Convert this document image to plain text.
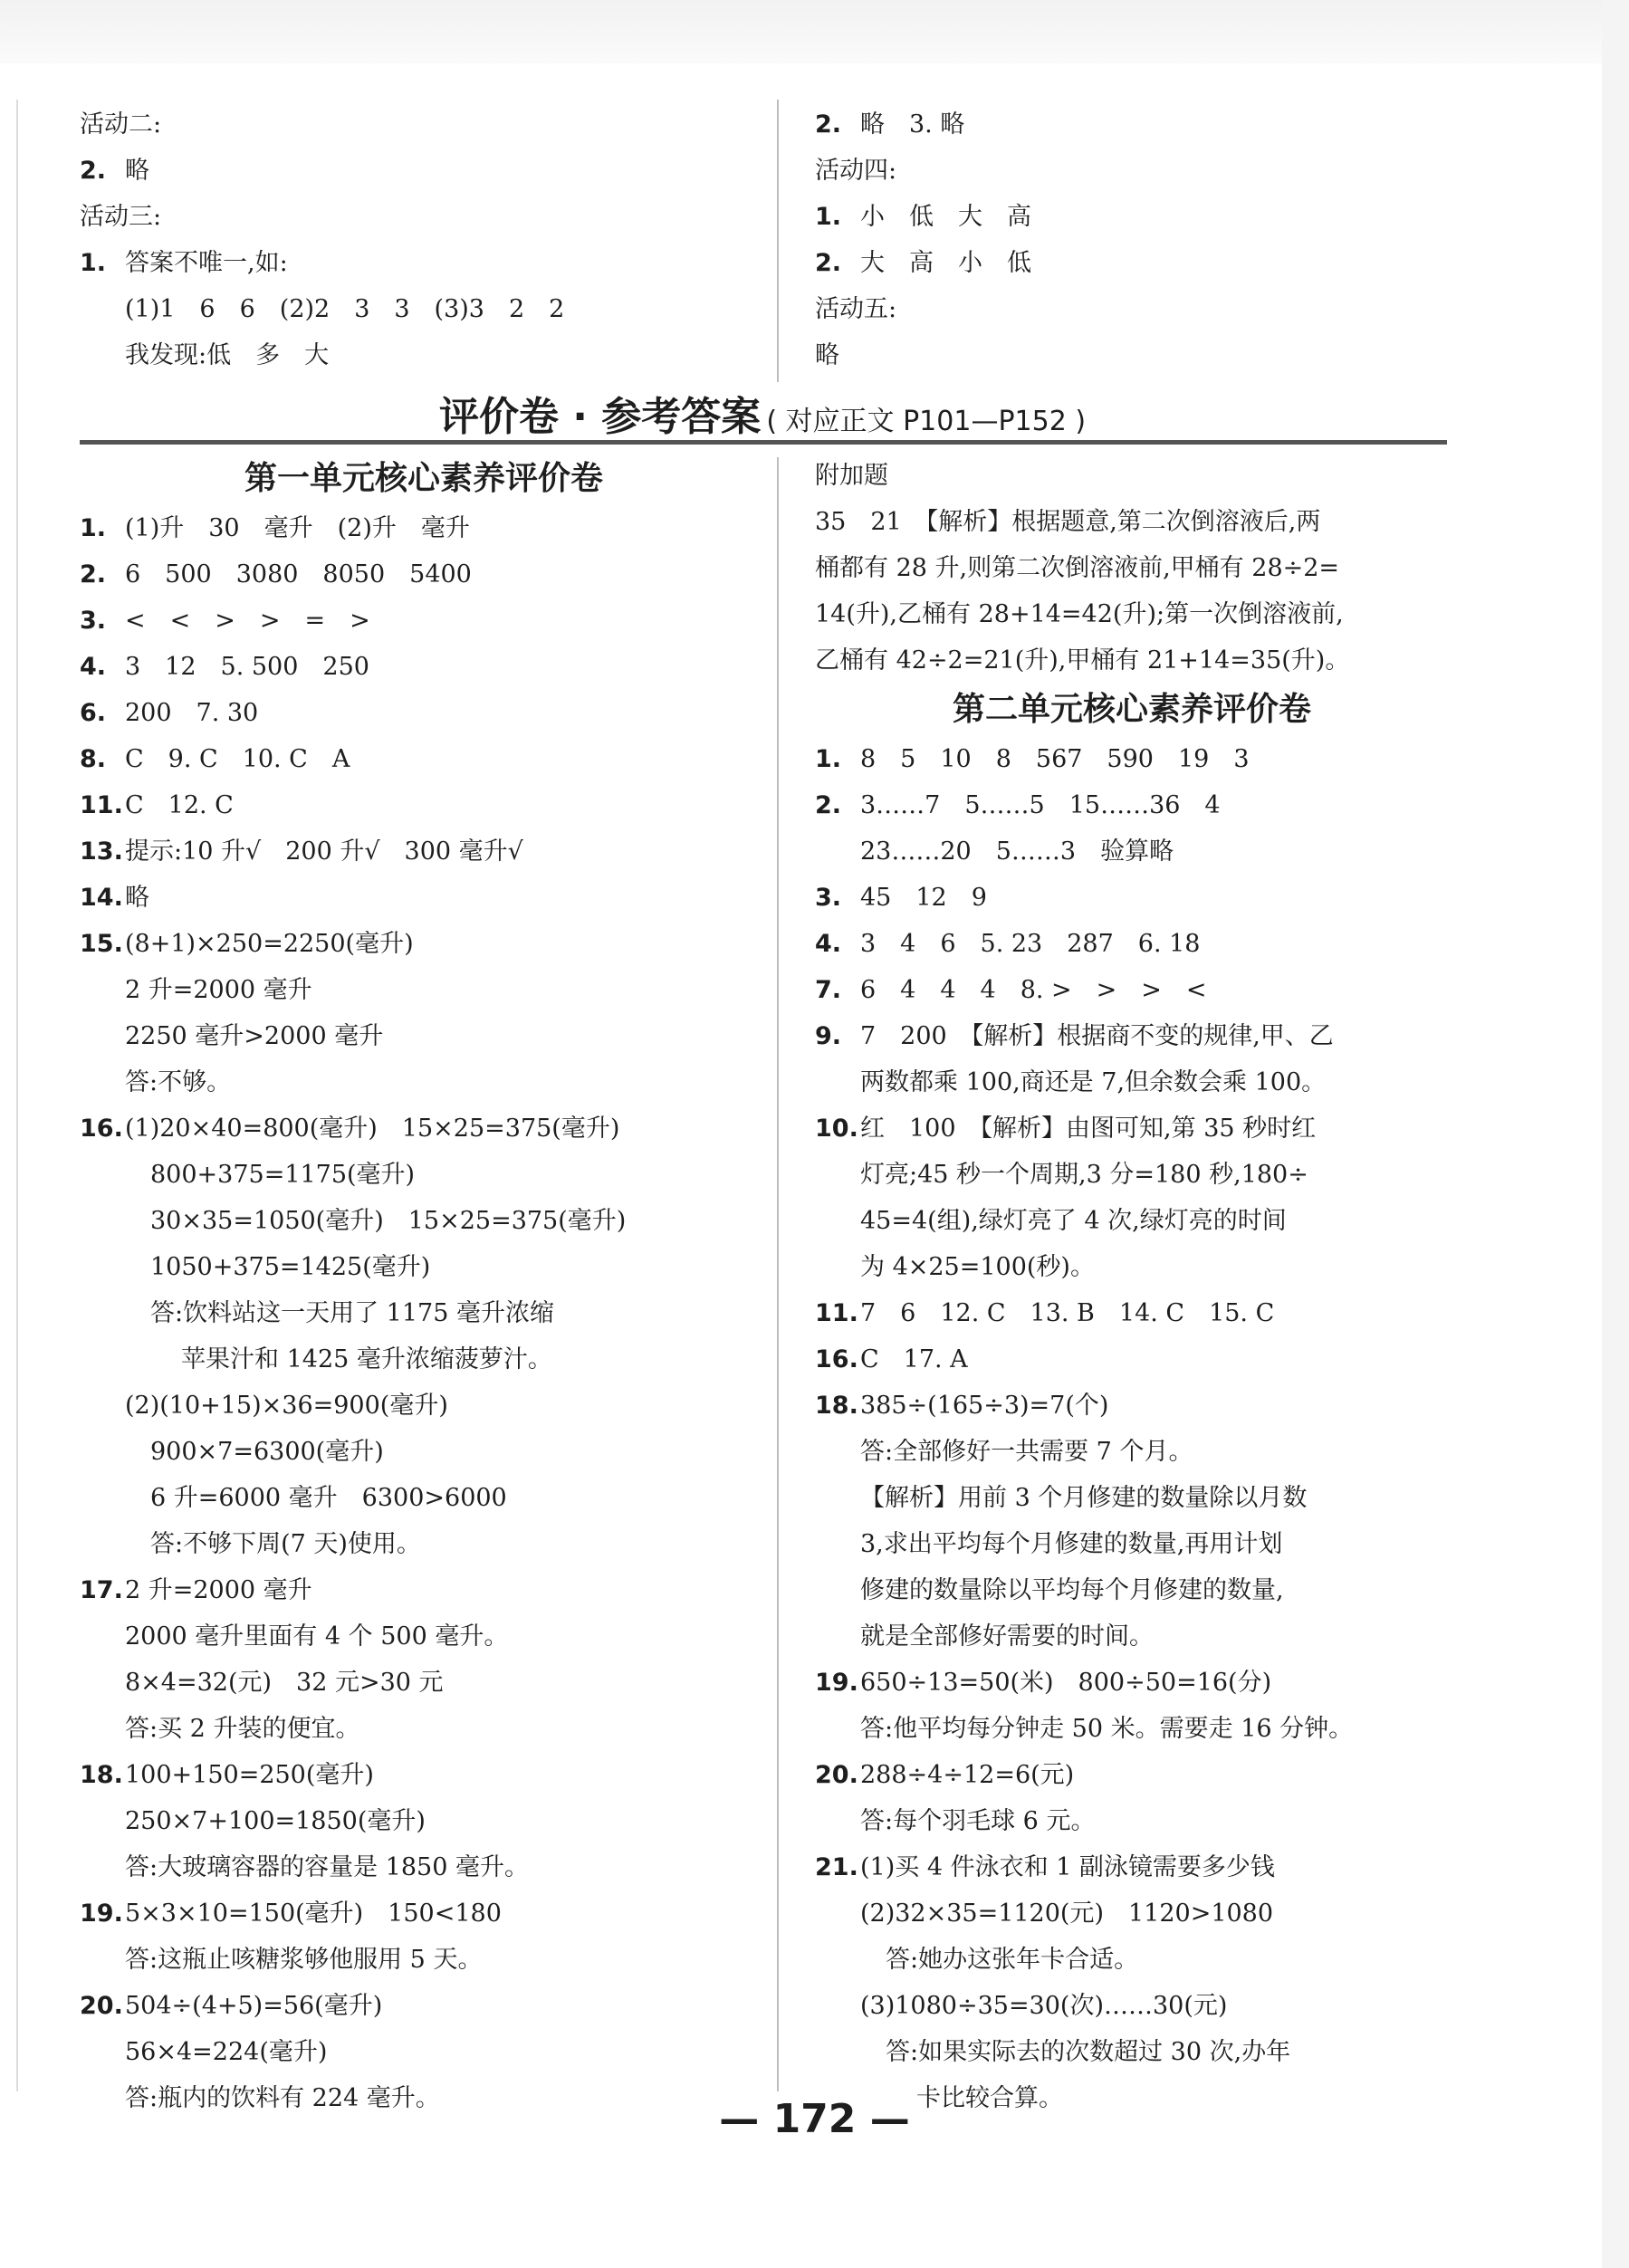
活动二:
2. 略
活动三:
1. 答案不唯一,如:
(1)1　6　6　(2)2　3　3　(3)3　2　2
我发现:低　多　大
2. 略　3. 略
活动四:
1. 小　低　大　高
2. 大　高　小　低
活动五:
略
评价卷 · 参考答案 ( 对应正文 P101—P152 )
第一单元核心素养评价卷
1. (1)升　30　毫升　(2)升　毫升
2. 6　500　3080　8050　5400
3. <　<　>　>　=　>
4. 3　12　5. 500　250
6. 200　7. 30
8. C　9. C　10. C　A
11.C　12. C
13.提示:10 升√　200 升√　300 毫升√
14.略
15.(8+1)×250=2250(毫升)
2 升=2000 毫升
2250 毫升>2000 毫升
答:不够。
16.(1)20×40=800(毫升)　15×25=375(毫升)
800+375=1175(毫升)
30×35=1050(毫升)　15×25=375(毫升)
1050+375=1425(毫升)
答:饮料站这一天用了 1175 毫升浓缩
苹果汁和 1425 毫升浓缩菠萝汁。
(2)(10+15)×36=900(毫升)
900×7=6300(毫升)
6 升=6000 毫升　6300>6000
答:不够下周(7 天)使用。
17.2 升=2000 毫升
2000 毫升里面有 4 个 500 毫升。
8×4=32(元)　32 元>30 元
答:买 2 升装的便宜。
18.100+150=250(毫升)
250×7+100=1850(毫升)
答:大玻璃容器的容量是 1850 毫升。
19.5×3×10=150(毫升)　150<180
答:这瓶止咳糖浆够他服用 5 天。
20.504÷(4+5)=56(毫升)
56×4=224(毫升)
答:瓶内的饮料有 224 毫升。
附加题
35　21　【解析】根据题意,第二次倒溶液后,两
桶都有 28 升,则第二次倒溶液前,甲桶有 28÷2=
14(升),乙桶有 28+14=42(升);第一次倒溶液前,
乙桶有 42÷2=21(升),甲桶有 21+14=35(升)。
第二单元核心素养评价卷
1. 8　5　10　8　567　590　19　3
2. 3……7　5……5　15……36　4
23……20　5……3　验算略
3. 45　12　9
4. 3　4　6　5. 23　287　6. 18
7. 6　4　4　4　8. >　>　>　<
9. 7　200　【解析】根据商不变的规律,甲、乙
两数都乘 100,商还是 7,但余数会乘 100。
10.红　100　【解析】由图可知,第 35 秒时红
灯亮;45 秒一个周期,3 分=180 秒,180÷
45=4(组),绿灯亮了 4 次,绿灯亮的时间
为 4×25=100(秒)。
11.7　6　12. C　13. B　14. C　15. C
16.C　17. A
18.385÷(165÷3)=7(个)
答:全部修好一共需要 7 个月。
【解析】用前 3 个月修建的数量除以月数
3,求出平均每个月修建的数量,再用计划
修建的数量除以平均每个月修建的数量,
就是全部修好需要的时间。
19.650÷13=50(米)　800÷50=16(分)
答:他平均每分钟走 50 米。需要走 16 分钟。
20.288÷4÷12=6(元)
答:每个羽毛球 6 元。
21.(1)买 4 件泳衣和 1 副泳镜需要多少钱
(2)32×35=1120(元)　1120>1080
答:她办这张年卡合适。
(3)1080÷35=30(次)……30(元)
答:如果实际去的次数超过 30 次,办年
卡比较合算。
— 172 —
